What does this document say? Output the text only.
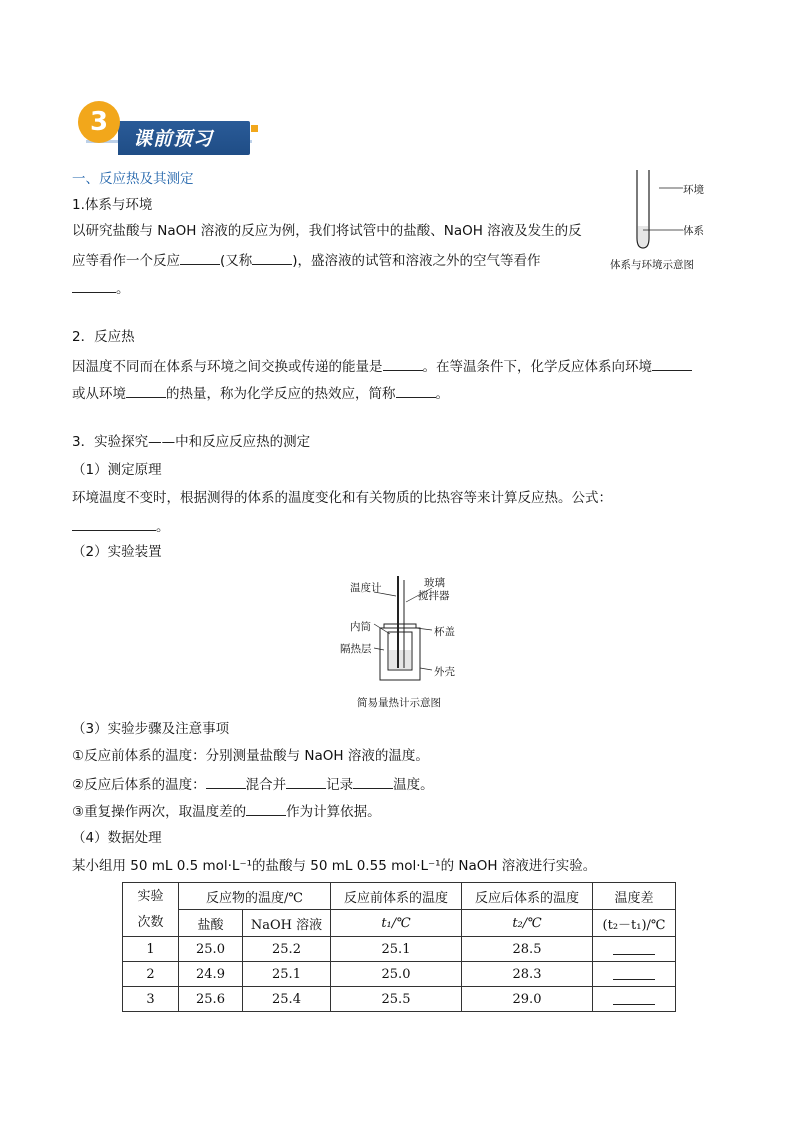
课前预习
3
一、反应热及其测定
1.体系与环境
以研究盐酸与 NaOH 溶液的反应为例，我们将试管中的盐酸、NaOH 溶液及发生的反
应等看作一个反应	(又称	)，盛溶液的试管和溶液之外的空气等看作
。
环境
体系
体系与环境示意图
2．反应热
因温度不同而在体系与环境之间交换或传递的能量是	。在等温条件下，化学反应体系向环境
或从环境	的热量，称为化学反应的热效应，简称	。
3．实验探究——中和反应反应热的测定
（1）测定原理
环境温度不变时，根据测得的体系的温度变化和有关物质的比热容等来计算反应热。公式：
。
（2）实验装置
温度计	玻璃
搅拌器
内筒	杯盖
隔热层
外壳
简易量热计示意图
（3）实验步骤及注意事项
①反应前体系的温度：分别测量盐酸与 NaOH 溶液的温度。
②反应后体系的温度：	混合并	记录	温度。
③重复操作两次，取温度差的	作为计算依据。
（4）数据处理
某小组用 50 mL 0.5 mol·L⁻¹的盐酸与 50 mL 0.55 mol·L⁻¹的 NaOH 溶液进行实验。
实验
次数	反应物的温度/℃		反应前体系的温度	反应后体系的温度	温度差
	盐酸	NaOH 溶液	t₁/℃	t₂/℃	(t₂－t₁)/℃
1	25.0	25.2	25.1	28.5	
2	24.9	25.1	25.0	28.3	
3	25.6	25.4	25.5	29.0	
